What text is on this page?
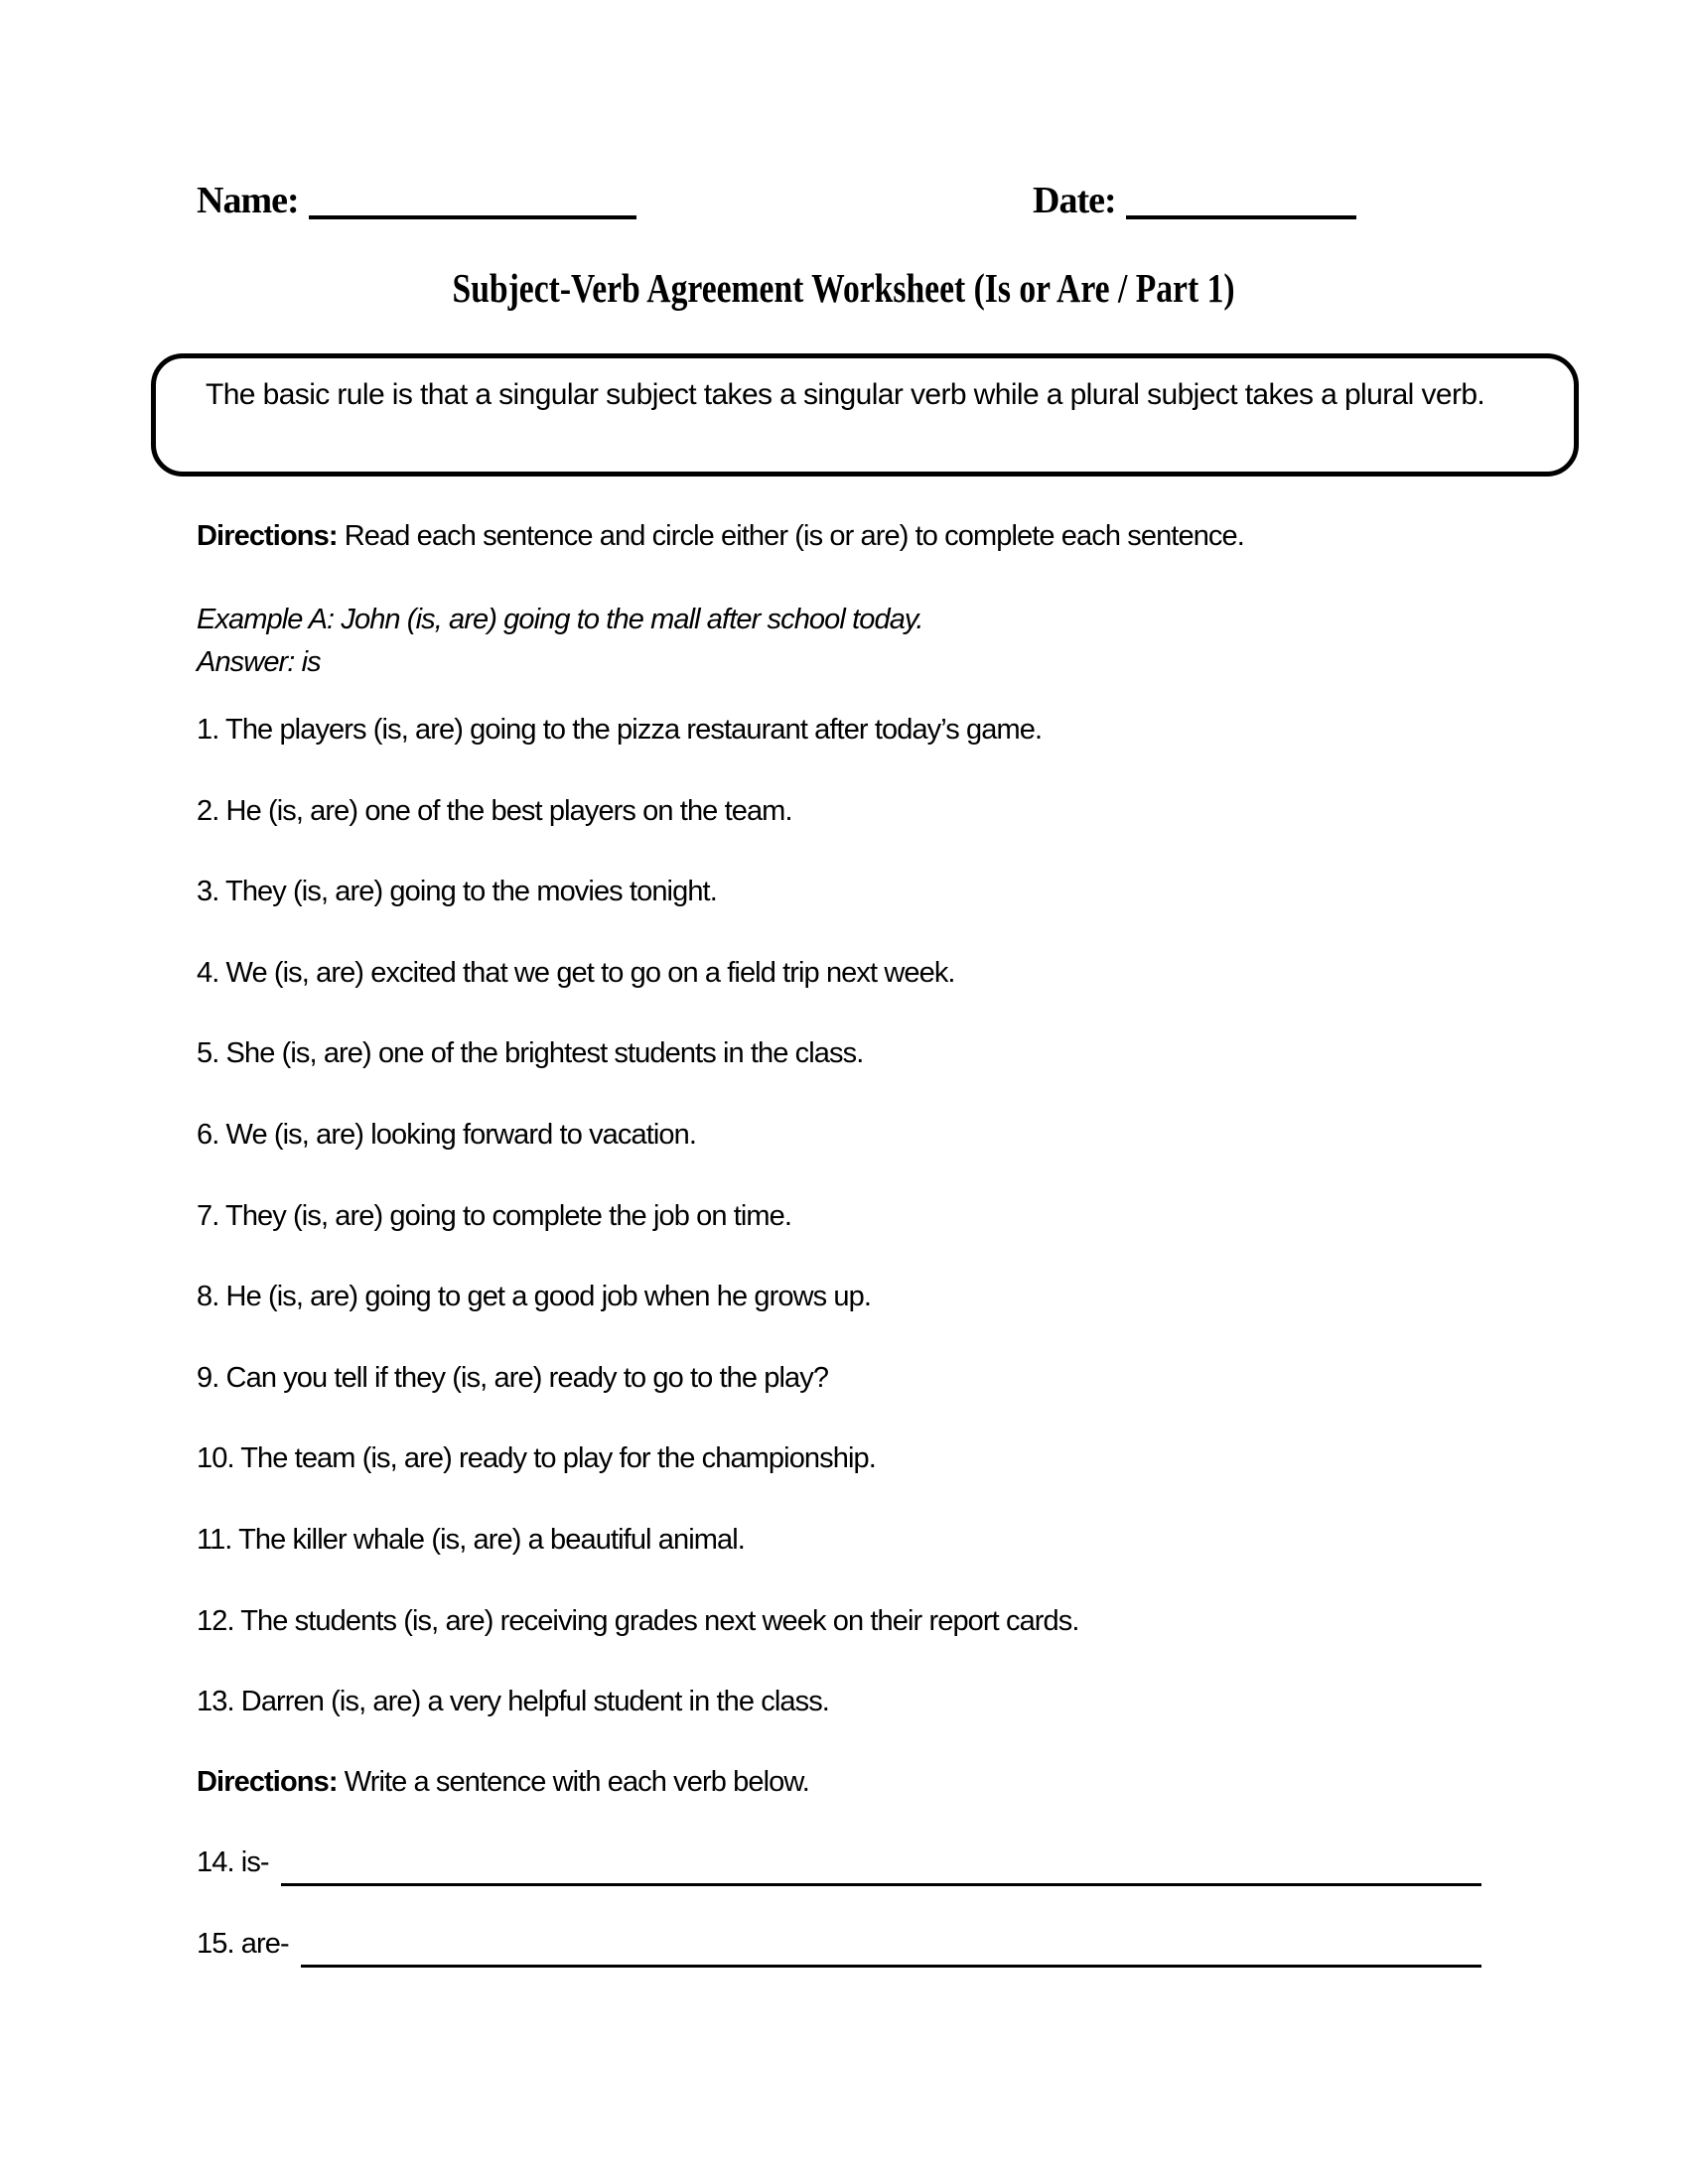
Name:	Date:
Subject-Verb Agreement Worksheet (Is or Are / Part 1)
The basic rule is that a singular subject takes a singular verb while a plural subject takes a plural verb.
Directions: Read each sentence and circle either (is or are) to complete each sentence.
Example A: John (is, are) going to the mall after school today.
Answer: is
1. The players (is, are) going to the pizza restaurant after today’s game.
2. He (is, are) one of the best players on the team.
3. They (is, are) going to the movies tonight.
4. We (is, are) excited that we get to go on a field trip next week.
5. She (is, are) one of the brightest students in the class.
6. We (is, are) looking forward to vacation.
7. They (is, are) going to complete the job on time.
8. He (is, are) going to get a good job when he grows up.
9. Can you tell if they (is, are) ready to go to the play?
10. The team (is, are) ready to play for the championship.
11. The killer whale (is, are) a beautiful animal.
12. The students (is, are) receiving grades next week on their report cards.
13. Darren (is, are) a very helpful student in the class.
Directions: Write a sentence with each verb below.
14. is-
15. are-
